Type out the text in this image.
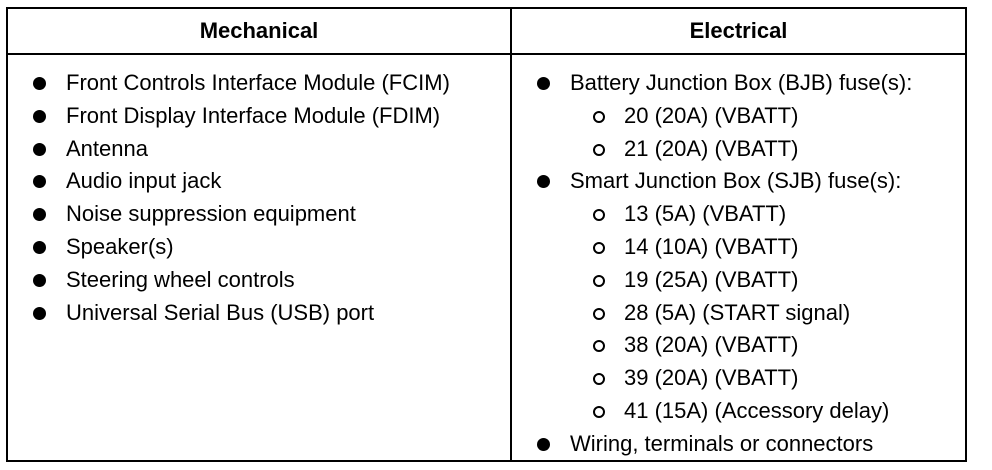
Mechanical	Electrical
Front Controls Interface Module (FCIM)
Front Display Interface Module (FDIM)
Antenna
Audio input jack
Noise suppression equipment
Speaker(s)
Steering wheel controls
Universal Serial Bus (USB) port
Battery Junction Box (BJB) fuse(s):
20 (20A) (VBATT)
21 (20A) (VBATT)
Smart Junction Box (SJB) fuse(s):
13 (5A) (VBATT)
14 (10A) (VBATT)
19 (25A) (VBATT)
28 (5A) (START signal)
38 (20A) (VBATT)
39 (20A) (VBATT)
41 (15A) (Accessory delay)
Wiring, terminals or connectors
